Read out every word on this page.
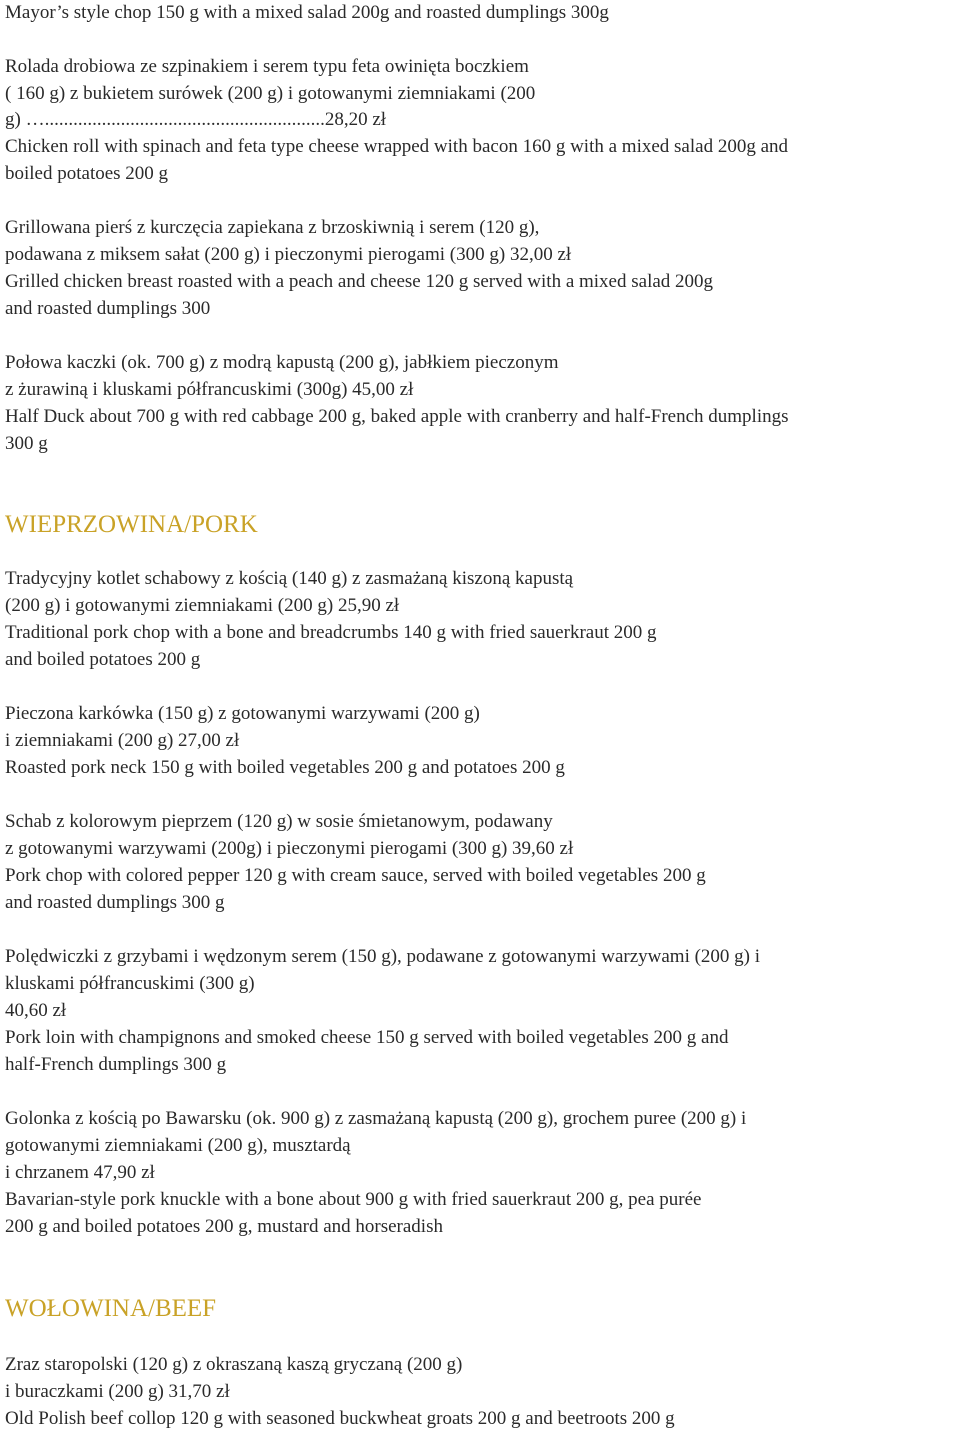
Mayor’s style chop 150 g with a mixed salad 200g and roasted dumplings 300g
Rolada drobiowa ze szpinakiem i serem typu feta owinięta boczkiem
( 160 g) z bukietem surówek (200 g) i gotowanymi ziemniakami (200
g) …...........................................................28,20 zł
Chicken roll with spinach and feta type cheese wrapped with bacon 160 g with a mixed salad 200g and
boiled potatoes 200 g
Grillowana pierś z kurczęcia zapiekana z brzoskiwnią i serem (120 g),
podawana z miksem sałat (200 g) i pieczonymi pierogami (300 g) 32,00 zł
Grilled chicken breast roasted with a peach and cheese 120 g served with a mixed salad 200g
and roasted dumplings 300
Połowa kaczki (ok. 700 g) z modrą kapustą (200 g), jabłkiem pieczonym
z żurawiną i kluskami półfrancuskimi (300g) 45,00 zł
Half Duck about 700 g with red cabbage 200 g, baked apple with cranberry and half-French dumplings
300 g
WIEPRZOWINA/PORK
Tradycyjny kotlet schabowy z kością (140 g) z zasmażaną kiszoną kapustą
(200 g) i gotowanymi ziemniakami (200 g) 25,90 zł
Traditional pork chop with a bone and breadcrumbs 140 g with fried sauerkraut 200 g
and boiled potatoes 200 g
Pieczona karkówka (150 g) z gotowanymi warzywami (200 g)
i ziemniakami (200 g) 27,00 zł
Roasted pork neck 150 g with boiled vegetables 200 g and potatoes 200 g
Schab z kolorowym pieprzem (120 g) w sosie śmietanowym, podawany
z gotowanymi warzywami (200g) i pieczonymi pierogami (300 g) 39,60 zł
Pork chop with colored pepper 120 g with cream sauce, served with boiled vegetables 200 g
and roasted dumplings 300 g
Polędwiczki z grzybami i wędzonym serem (150 g), podawane z gotowanymi warzywami (200 g) i
kluskami półfrancuskimi (300 g)
40,60 zł
Pork loin with champignons and smoked cheese 150 g served with boiled vegetables 200 g and
half-French dumplings 300 g
Golonka z kością po Bawarsku (ok. 900 g) z zasmażaną kapustą (200 g), grochem puree (200 g) i
gotowanymi ziemniakami (200 g), musztardą
i chrzanem 47,90 zł
Bavarian-style pork knuckle with a bone about 900 g with fried sauerkraut 200 g, pea purée
200 g and boiled potatoes 200 g, mustard and horseradish
WOŁOWINA/BEEF
Zraz staropolski (120 g) z okraszaną kaszą gryczaną (200 g)
i buraczkami (200 g) 31,70 zł
Old Polish beef collop 120 g with seasoned buckwheat groats 200 g and beetroots 200 g
